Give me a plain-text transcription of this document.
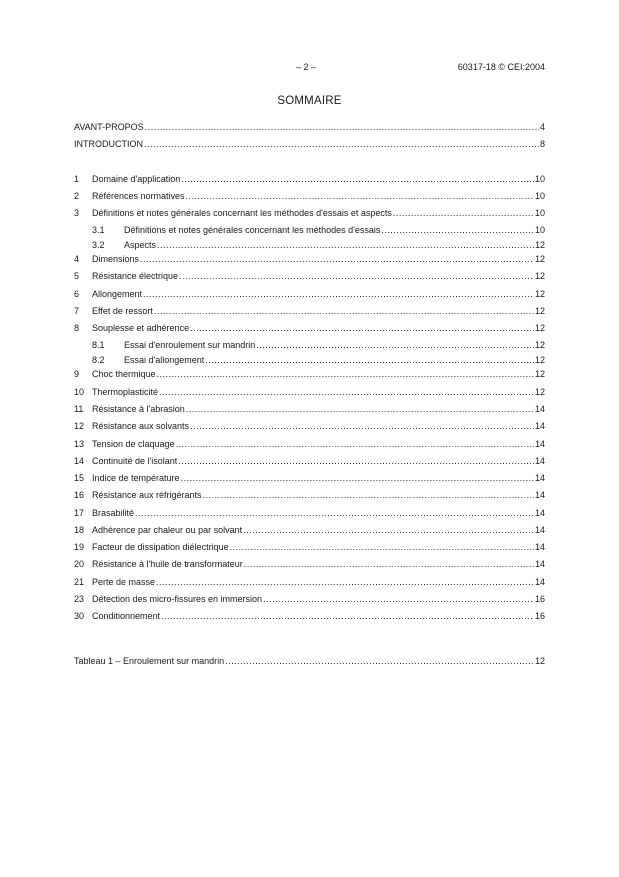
– 2 –	60317-18 © CEI:2004
SOMMAIRE
AVANT-PROPOS .....	4
INTRODUCTION .....	8
1	Domaine d'application .....	10
2	Références normatives .....	10
3	Définitions et notes générales concernant les méthodes d'essais et aspects .....	10
3.1	Définitions et notes générales concernant les méthodes d'essais .....	10
3.2	Aspects .....	12
4	Dimensions .....	12
5	Résistance électrique .....	12
6	Allongement .....	12
7	Effet de ressort .....	12
8	Souplesse et adhérence .....	12
8.1	Essai d'enroulement sur mandrin .....	12
8.2	Essai d'allongement .....	12
9	Choc thermique .....	12
10 Thermoplasticité .....	12
11 Résistance à l'abrasion .....	14
12 Résistance aux solvants .....	14
13 Tension de claquage .....	14
14 Continuité de l'isolant .....	14
15 Indice de température .....	14
16 Résistance aux réfrigérants .....	14
17 Brasabilité .....	14
18 Adhérence par chaleur ou par solvant .....	14
19 Facteur de dissipation diélectrique .....	14
20 Résistance à l'huile de transformateur .....	14
21 Perte de masse .....	14
23 Détection des micro-fissures en immersion .....	16
30 Conditionnement .....	16
Tableau 1 – Enroulement sur mandrin .....	12
